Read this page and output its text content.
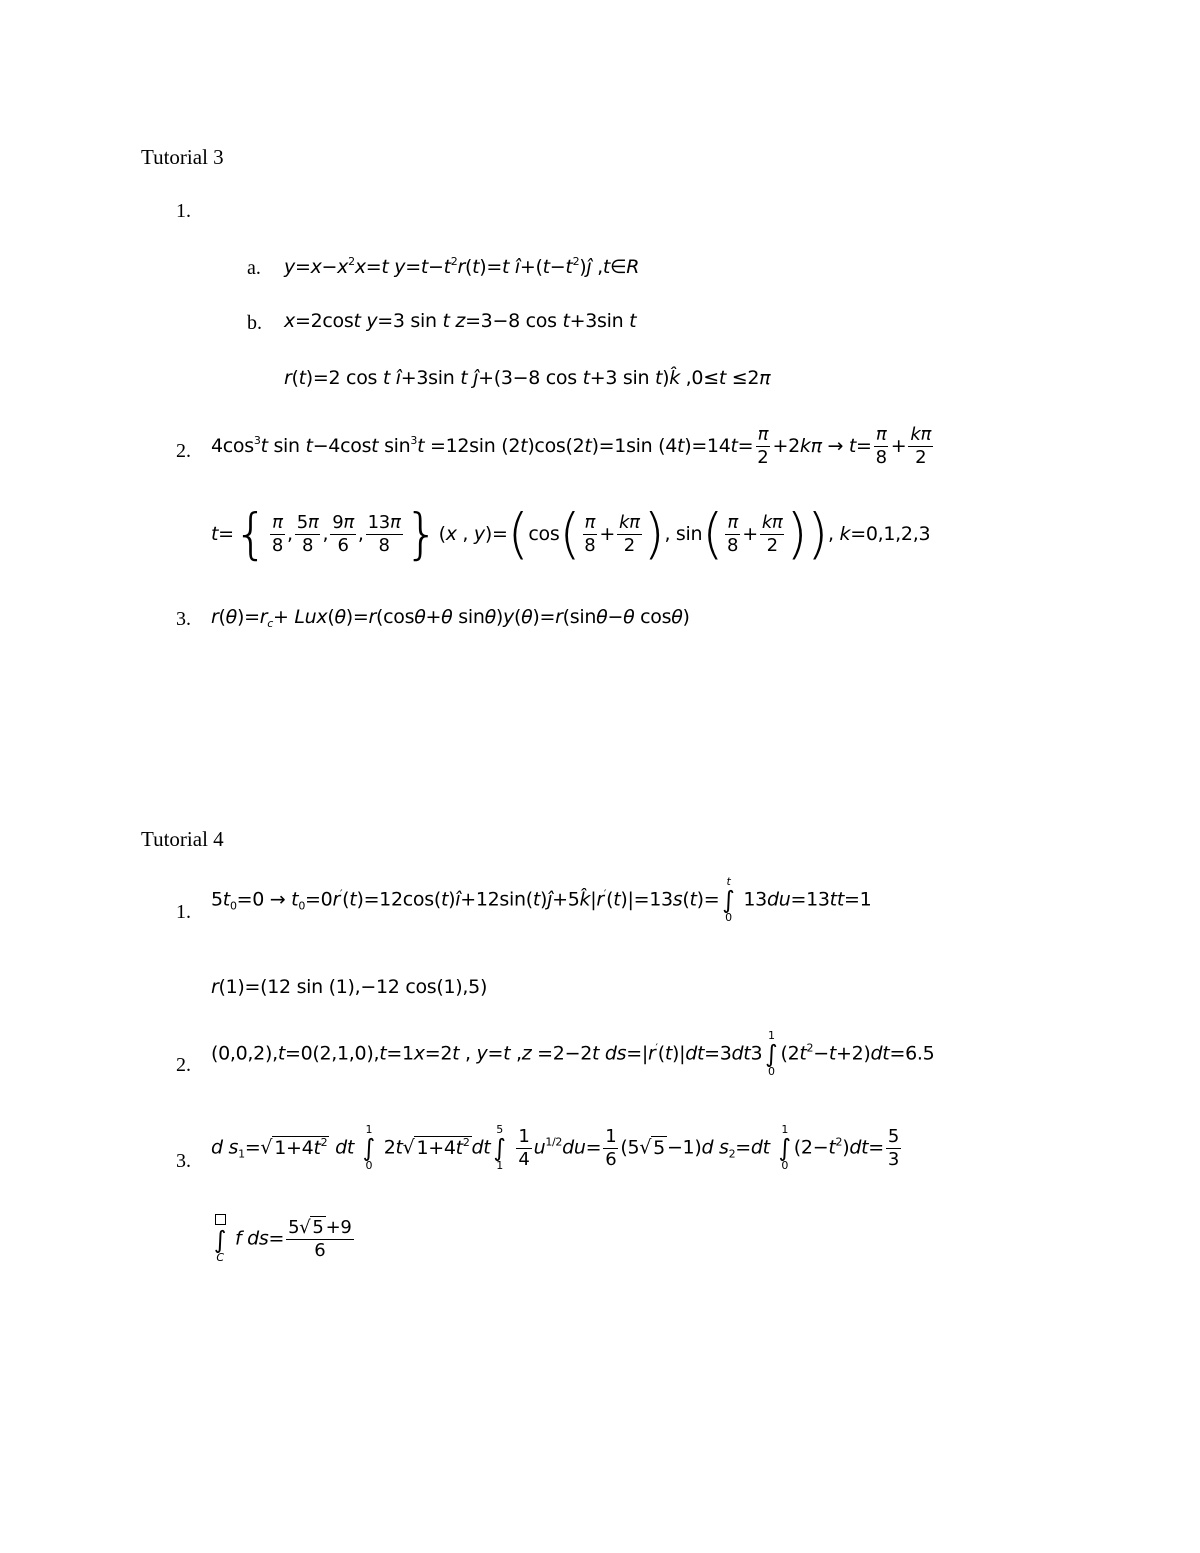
Tutorial 3
1.
a. $y=x-x^2x=t$ $y=t-t^2r(t)=t$ $î+(t-t^2)ĵ$ ,t∈R
b. x=2cost y=3 sin t z=3−8 cos t+3sin t
r(t)=2 cos t î+3sin t ĵ+(3−8 cos t+3 sin t)k̂ ,0≤t ≤2π
2. $4\cos^3t$ sin t−4cost $\sin^3t =12\sin$ (2t)cos(2t)=1sin $(4t)=14t= \frac{\pi}{2} +2k\pi \to t= \frac{\pi}{8} + \frac{k\pi}{2}$
$t=\{ \frac{\pi}{8}$ , $\frac{5\pi}{8}$ , $\frac{9\pi}{6}$ , $\frac{13\pi}{8} \}(x$ , $y)=(\cos( \frac{\pi}{8} + \frac{k\pi}{2}$ ), $\sin( \frac{\pi}{8} + \frac{k\pi}{2}$ )), k=0,1,2,3
3. $r(\theta)=r_c+ Lux(\theta)=r(\cos\theta+\theta$ sinθ)y(θ)=r(sinθ−θ cosθ)
Tutorial 4
1.
$5t_0=0$ → $t_0=0r'(t)=12\cos(t)î+12\sin(t)ĵ+5k̂|r'(t)|=13s(t)=$
t
∫
0
13du=13tt=1
r(1)=(12 sin (1),−12 cos(1),5)
2.
(0,0,2),t=0(2,1,0),t=1x=2t , y=t ,z =2−2t ds=|r′(t)|dt=3dt3
1
∫
0
$(2t^2-t+2)dt=6.5$
3.
d $s_1=√$ $1+4t^2$ dt
1
∫
0
2t√ $1+4t^2$ dt
5
∫
1
$\frac{1}{4} u^{1/2}du= \frac{1}{6} (5√$ 5 −1)d $s_2=dt$
1
∫
0
$(2-t^2)dt= \frac{5}{3}$
∫
C
f $ds= \frac{5√ 5 +9}{6}$
